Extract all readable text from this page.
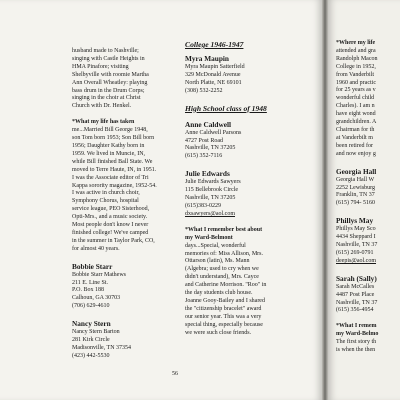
husband made to Nashville;
singing with Castle Heights in
HMA Pinafore; visiting
Shelbyville with roomie Martha
Ann Overall Wheatley: playing
bass drum in the Drum Corps;
singing in the choir at Christ
Church with Dr. Henkel.
*What my life has taken
me...Married Bill George 1948,
son Tom born 1953; Son Bill born
1956; Daughter Kathy born in
1959. We lived in Muncie, IN,
while Bill finished Ball State. We
moved to Terre Haute, IN, in 1951.
I was the Associate editor of Tri
Kappa sorority magazine, 1952-54.
I was active in church choir,
Symphony Chorus, hospital
service league, PEO Sisterhood,
Opti-Mrs., and a music society.
Most people don't know I never
finished college! We've camped
in the summer in Taylor Park, CO,
for almost 40 years.
Bobbie Starr
Bobbie Starr Mathews
211 E. Line St.
P.O. Box 188
Calhoun, GA 30703
(706) 629-4610
Nancy Stern
Nancy Stern Barton
281 Kirk Circle
Madisonville, TN 37354
(423) 442-5530
College 1946-1947
Myra Maupin
Myra Maupin Satterfield
329 McDonald Avenue
North Platte, NE 69101
(308) 532-2252
High School class of 1948
Anne Caldwell
Anne Caldwell Parsons
4727 Post Road
Nashville, TN 37205
(615) 352-7116
Julie Edwards
Julie Edwards Sawyers
115 Bellebrook Circle
Nashville, TN 37205
(615)383-0229
dxsawyers@aol.com
*What I remember best about
my Ward-Belmont
days...Special, wonderful
memories of: Miss Allison, Mrs.
Ottarson (latin), Ms. Mann
(Algebra; used to cry when we
didn't understand), Mrs. Cayce
and Catherine Morrison. "Roo" in
the day students club house.
Joanne Gooy-Bailey and I shared
the "citizenship bracelet" award
our senior year. This was a very
special thing, especially because
we were such close friends.
56
*Where my life
attended and gra
Randolph Macon
College in 1952,
from Vanderbilt
1960 and practic
for 25 years as v
wonderful child
Charles). I am n
have eight wond
grandchildren. A
Chairman for th
at Vanderbilt m
been retired for
and now enjoy g
Georgia Hall
Georgia Hall W
2252 Lewisburg
Franklin, TN 37
(615) 794- 5160
Phillys May
Phillys May Sco
4434 Sheppard I
Nashville, TN 37
(615) 269-0791
deepis@aol.com
Sarah (Sally)
Sarah McCalles
4487 Post Place
Nashville, TN 37
(615) 356-4954
*What I remem
my Ward-Belmo
The first story th
is when the then
